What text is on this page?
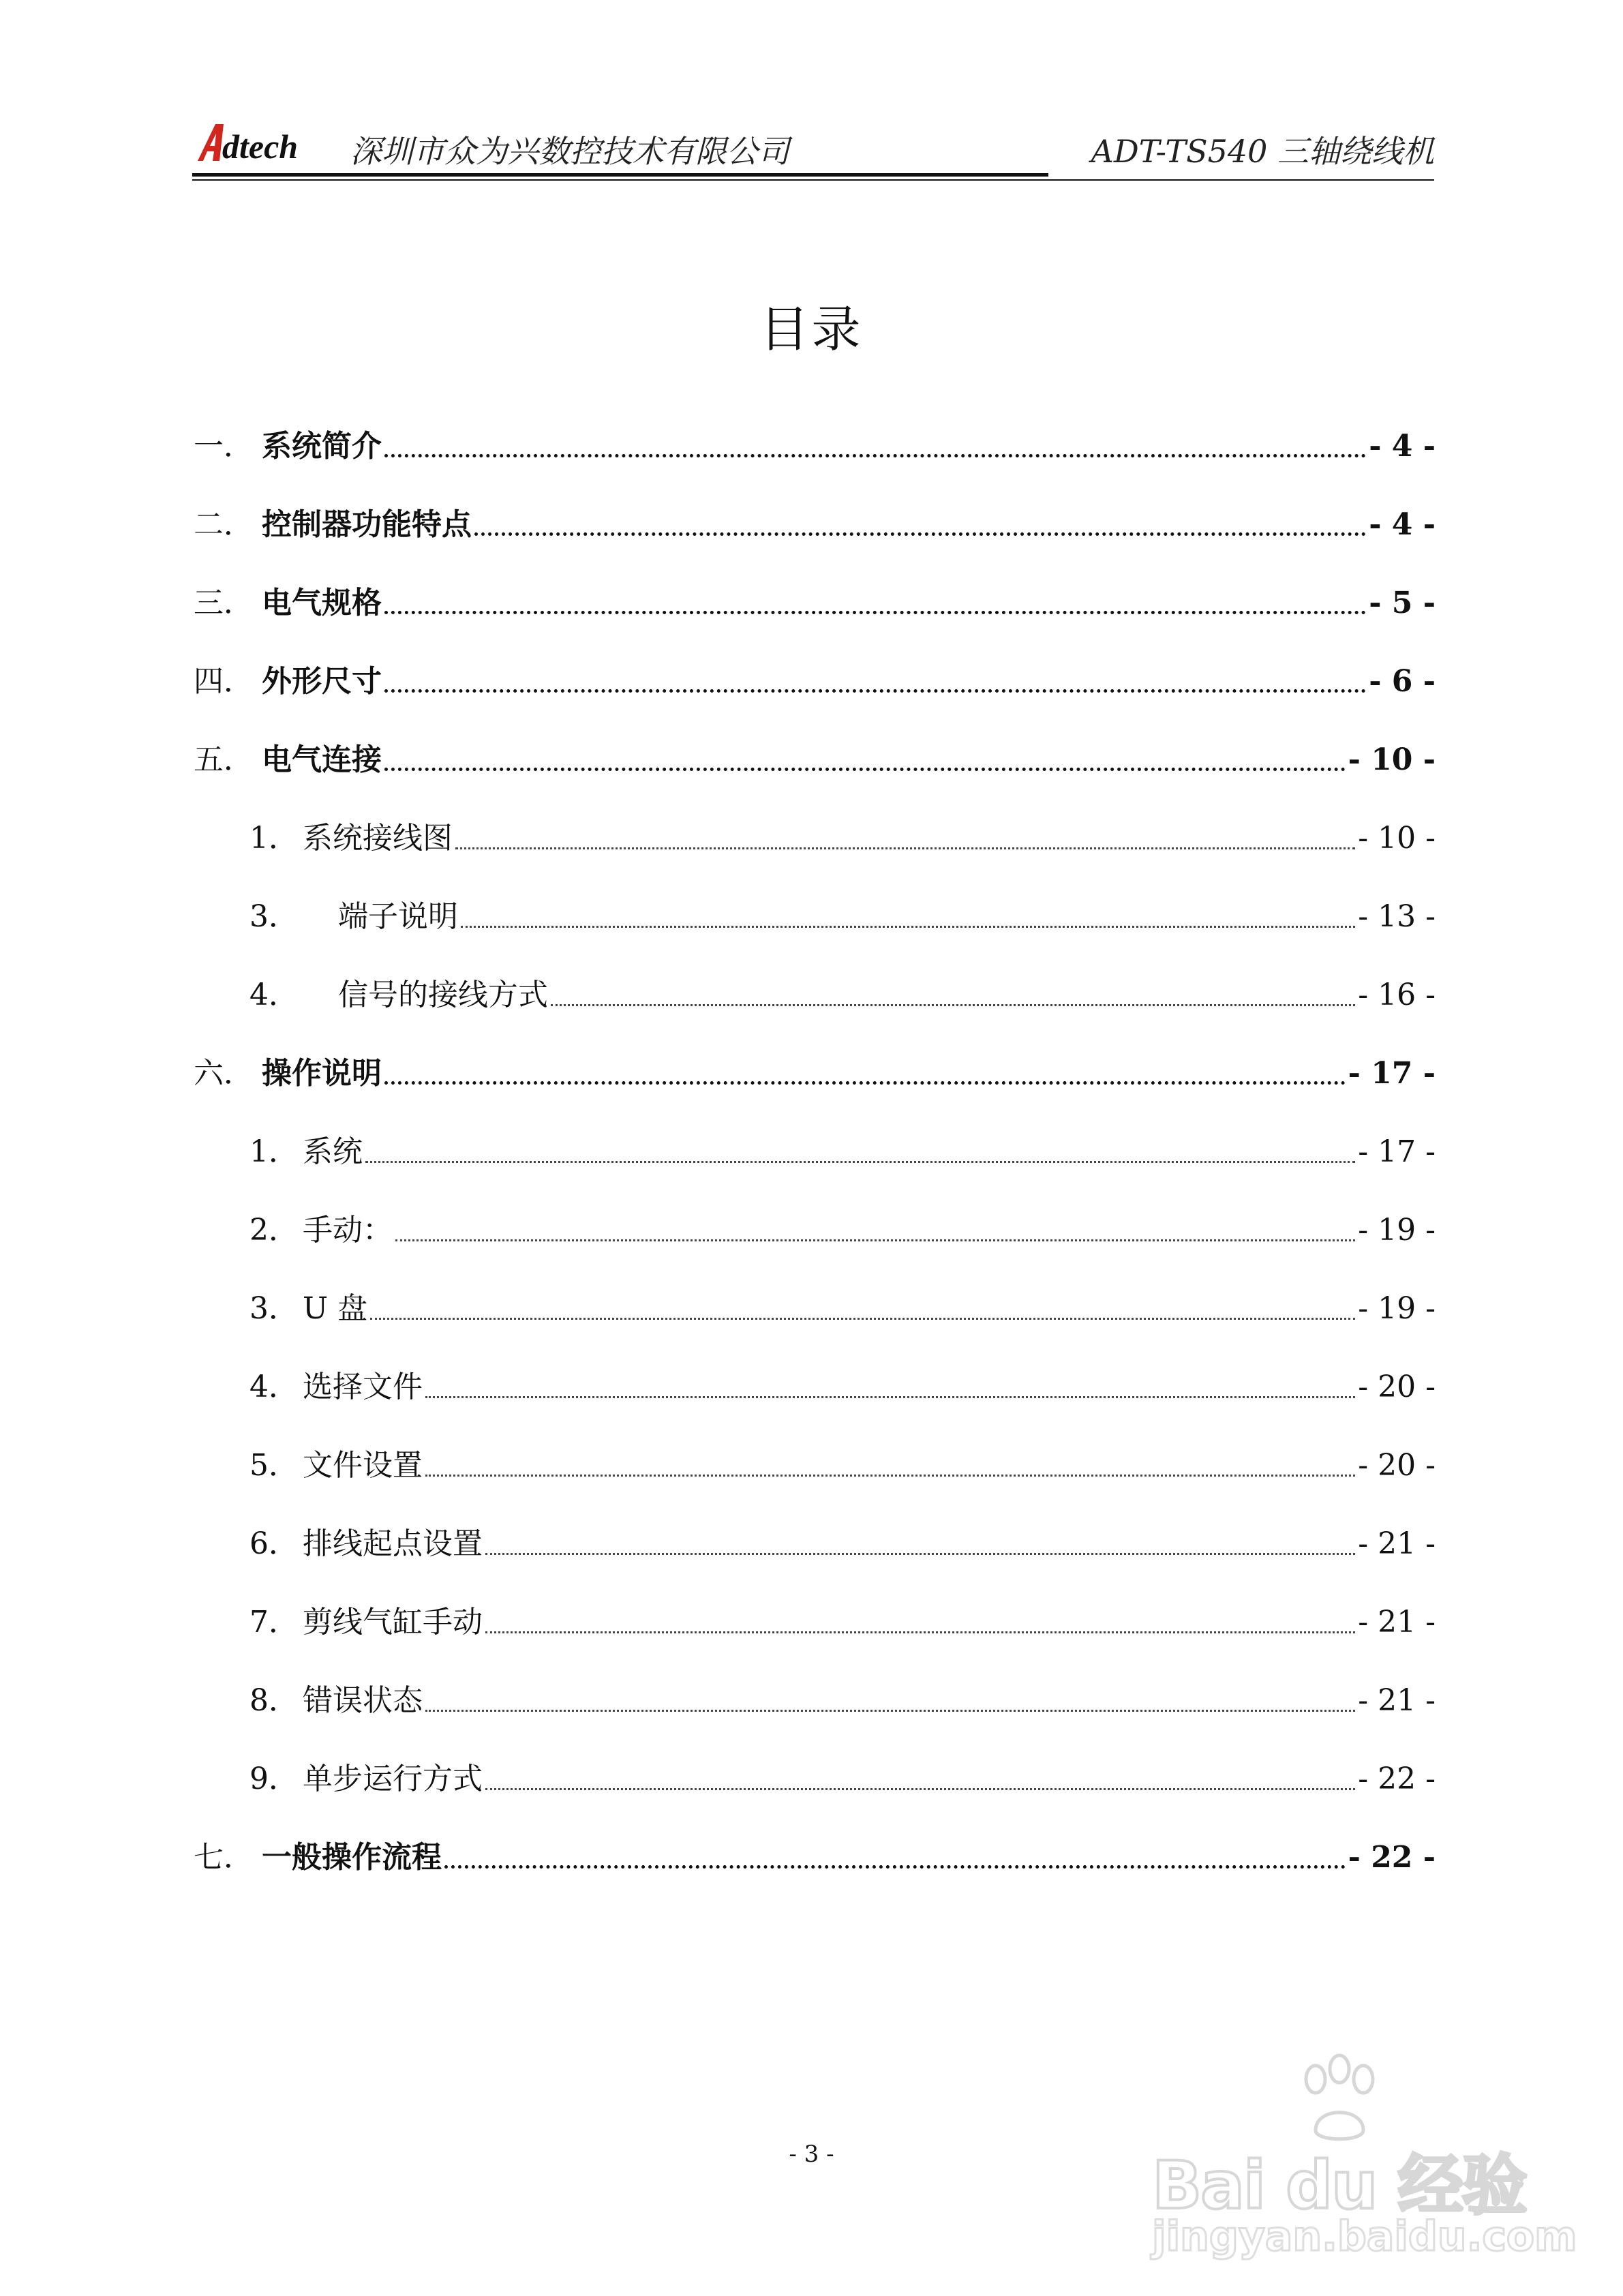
dtech 深圳市众为兴数控技术有限公司	ADT-TS540 三轴绕线机
目录
一． 系统简介	- 4 -
二． 控制器功能特点	- 4 -
三． 电气规格	- 5 -
四． 外形尺寸	- 6 -
五． 电气连接	- 10 -
1． 系统接线图	- 10 -
3．	端子说明	- 13 -
4．	信号的接线方式	- 16 -
六． 操作说明	- 17 -
1． 系统	- 17 -
2． 手动：	- 19 -
3． U 盘	- 19 -
4． 选择文件	- 20 -
5． 文件设置	- 20 -
6． 排线起点设置	- 21 -
7． 剪线气缸手动	- 21 -
8． 错误状态	- 21 -
9． 单步运行方式	- 22 -
七． 一般操作流程	- 22 -
- 3 -	Bai du 经验
jingyan.baidu.com
